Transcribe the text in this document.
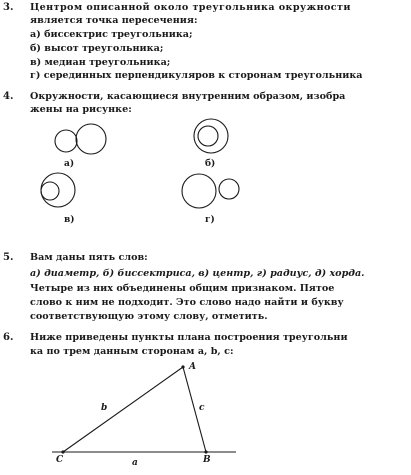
3. Центром описанной около треугольника окружности
является точка пересечения:
а) биссектрис треугольника;
б) высот треугольника;
в) медиан треугольника;
г) серединных перпендикуляров к сторонам треугольника
4. Окружности, касающиеся внутренним образом, изобра
жены на рисунке:
а)	б)
в)	г)
5. Вам даны пять слов:
а) диаметр, б) биссектриса, в) центр, г) радиус, д) хорда.
Четыре из них объединены общим признаком. Пятое
слово к ним не подходит. Это слово надо найти и букву
соответствующую этому слову, отметить.
6. Ниже приведены пункты плана построения треугольни
ка по трем данным сторонам a, b, c:
A
B
C
b	c
a
